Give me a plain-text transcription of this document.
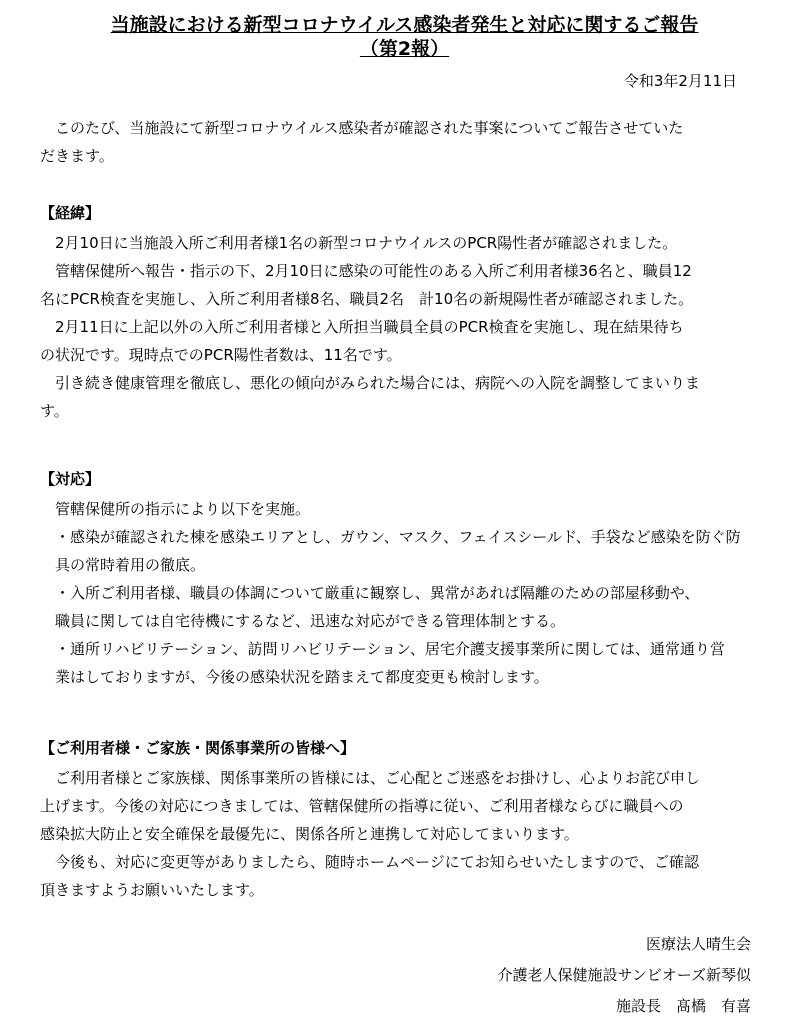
当施設における新型コロナウイルス感染者発生と対応に関するご報告
（第2報）
令和3年2月11日
　このたび、当施設にて新型コロナウイルス感染者が確認された事案についてご報告させていた
だきます。
【経緯】
　2月10日に当施設入所ご利用者様1名の新型コロナウイルスのPCR陽性者が確認されました。
　管轄保健所へ報告・指示の下、2月10日に感染の可能性のある入所ご利用者様36名と、職員12
名にPCR検査を実施し、入所ご利用者様8名、職員2名　計10名の新規陽性者が確認されました。
　2月11日に上記以外の入所ご利用者様と入所担当職員全員のPCR検査を実施し、現在結果待ち
の状況です。現時点でのPCR陽性者数は、11名です。
　引き続き健康管理を徹底し、悪化の傾向がみられた場合には、病院への入院を調整してまいりま
す。
【対応】
　管轄保健所の指示により以下を実施。
　・感染が確認された棟を感染エリアとし、ガウン、マスク、フェイスシールド、手袋など感染を防ぐ防
　具の常時着用の徹底。
　・入所ご利用者様、職員の体調について厳重に観察し、異常があれば隔離のための部屋移動や、
　職員に関しては自宅待機にするなど、迅速な対応ができる管理体制とする。
　・通所リハビリテーション、訪問リハビリテーション、居宅介護支援事業所に関しては、通常通り営
　業はしておりますが、今後の感染状況を踏まえて都度変更も検討します。
【ご利用者様・ご家族・関係事業所の皆様へ】
　ご利用者様とご家族様、関係事業所の皆様には、ご心配とご迷惑をお掛けし、心よりお詫び申し
上げます。今後の対応につきましては、管轄保健所の指導に従い、ご利用者様ならびに職員への
感染拡大防止と安全確保を最優先に、関係各所と連携して対応してまいります。
　今後も、対応に変更等がありましたら、随時ホームページにてお知らせいたしますので、ご確認
頂きますようお願いいたします。
医療法人晴生会
介護老人保健施設サンビオーズ新琴似
施設長　髙橋　有喜
